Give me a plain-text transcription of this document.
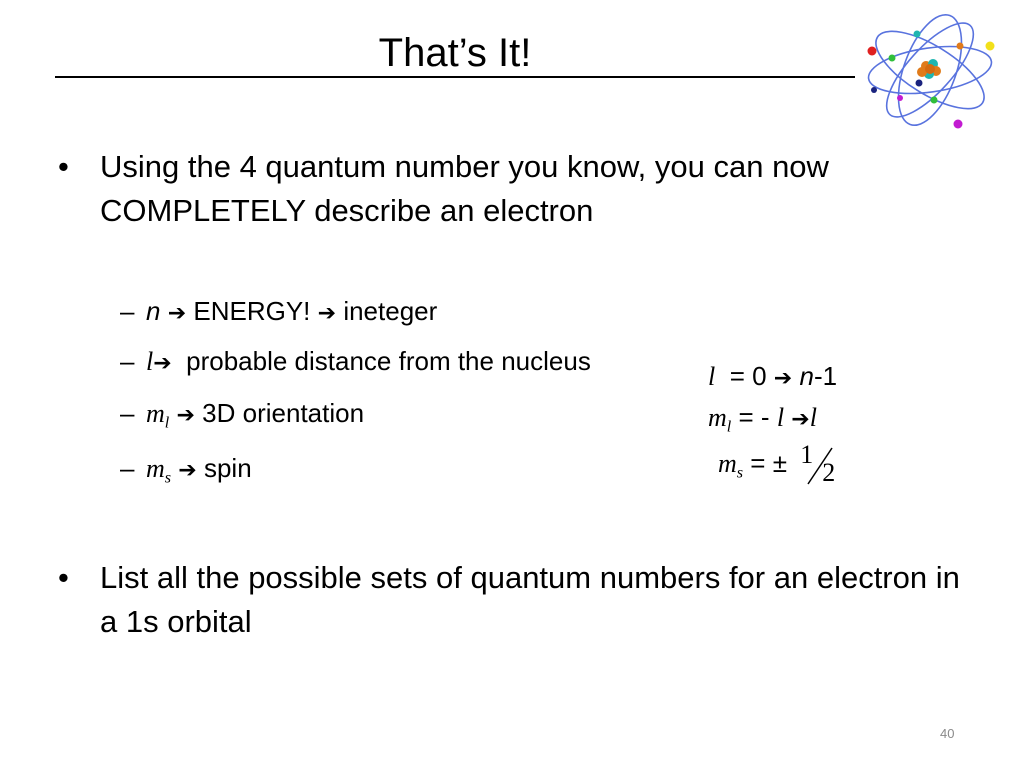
That’s It!
• Using the 4 quantum number you know, you can now COMPLETELY describe an electron
– n ➔ ENERGY! ➔ ineteger
– l➔ probable distance from the nucleus
– $m_l$ ➔ 3D orientation
– $m_s$ ➔ spin
l = 0 ➔ n-1
$m_l$ = - l ➔l
$m_s$ = ± 1
2
• List all the possible sets of quantum numbers for an electron in a 1s orbital
40
